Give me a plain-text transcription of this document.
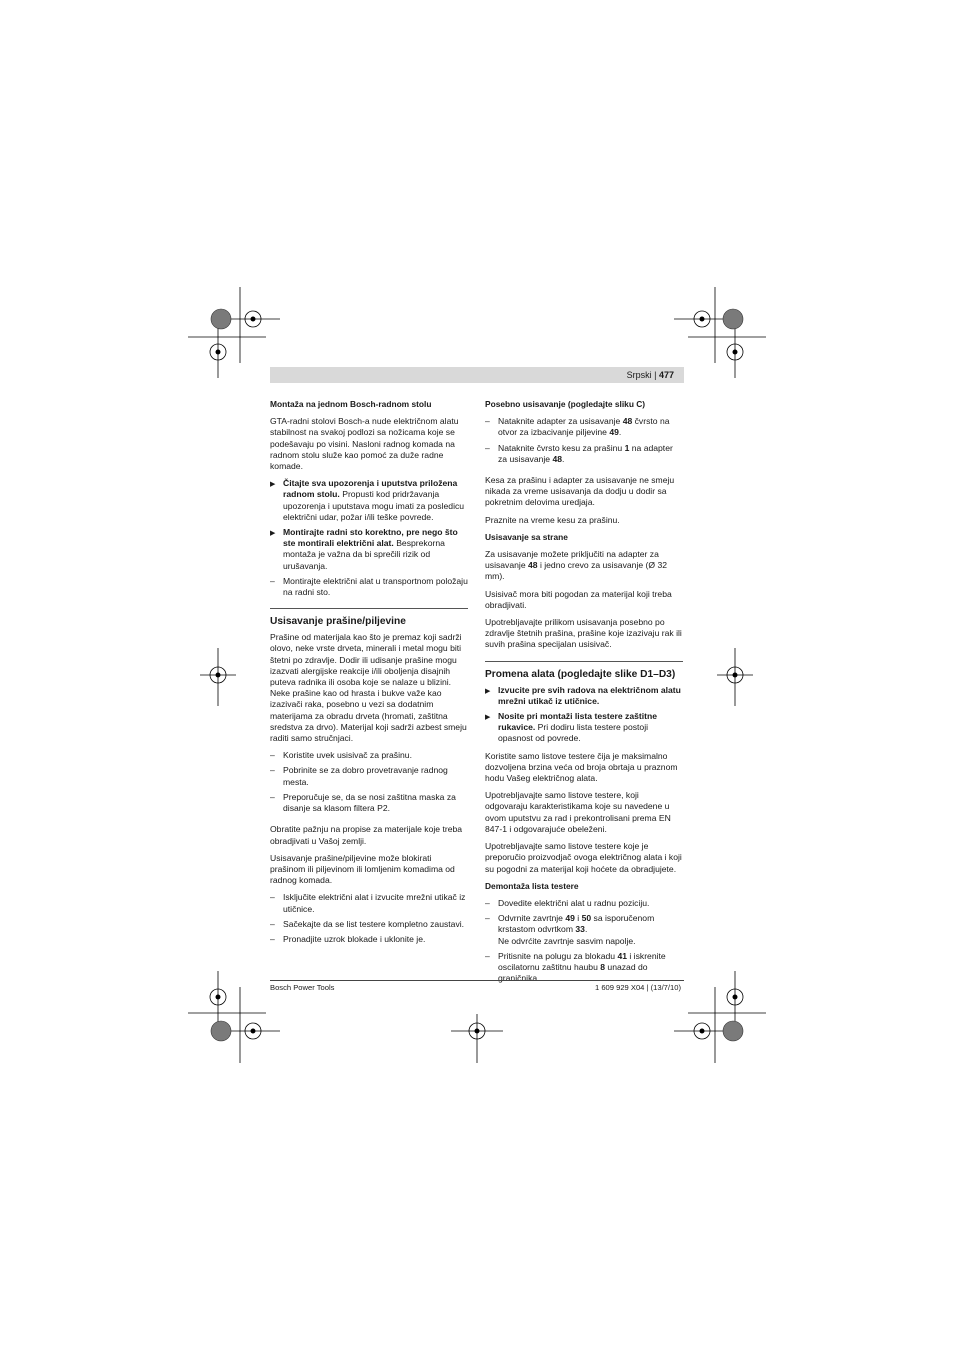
Srpski | 477
Montaža na jednom Bosch-radnom stolu

GTA-radni stolovi Bosch-a nude električnom alatu stabilnost na svakoj podlozi sa nožicama koje se podešavaju po visini. Nasloni radnog komada na radnom stolu služe kao pomoć za duže radne komade.

▶ Čitajte sva upozorenja i uputstva priložena radnom stolu. Propusti kod pridržavanja upozorenja i uputstava mogu imati za posledicu električni udar, požar i/ili teške povrede.
▶ Montirajte radni sto korektno, pre nego što ste montirali električni alat. Besprekorna montaža je važna da bi sprečili rizik od urušavanja.
– Montirajte električni alat u transportnom položaju na radni sto.
Usisavanje prašine/piljevine

Prašine od materijala kao što je premaz koji sadrži olovo, neke vrste drveta, minerali i metal mogu biti štetni po zdravlje. Dodir ili udisanje prašine mogu izazvati alergijske reakcije i/ili oboljenja disajnih puteva radnika ili osoba koje se nalaze u blizini.

Neke prašine kao od hrasta i bukve važe kao izazivači raka, posebno u vezi sa dodatnim materijama za obradu drveta (hromati, zaštitna sredstva za drvo). Materijal koji sadrži azbest smeju raditi samo stručnjaci.

– Koristite uvek usisivač za prašinu.
– Pobrinite se za dobro provetravanje radnog mesta.
– Preporučuje se, da se nosi zaštitna maska za disanje sa klasom filtera P2.

Obratite pažnju na propise za materijale koje treba obradjivati u Vašoj zemlji.

Usisavanje prašine/piljevine može blokirati prašinom ili piljevinom ili lomljenim komadima od radnog komada.

– Isključite električni alat i izvucite mrežni utikač iz utičnice.
– Sačekajte da se list testere kompletno zaustavi.
– Pronadjite uzrok blokade i uklonite je.
Posebno usisavanje (pogledajte sliku C)
– Nataknite adapter za usisavanje 48 čvrsto na otvor za izbacivanje piljevine 49.
– Nataknite čvrsto kesu za prašinu 1 na adapter za usisavanje 48.

Kesa za prašinu i adapter za usisavanje ne smeju nikada za vreme usisavanja da dodju u dodir sa pokretnim delovima uredjaja.

Praznite na vreme kesu za prašinu.

Usisavanje sa strane

Za usisavanje možete priključiti na adapter za usisavanje 48 i jedno crevo za usisavanje (Ø 32 mm).

Usisivač mora biti pogodan za materijal koji treba obradjivati.

Upotrebljavajte prilikom usisavanja posebno po zdravlje štetnih prašina, prašine koje izazivaju rak ili suvih prašina specijalan usisivač.

Promena alata (pogledajte slike D1–D3)
▶ Izvucite pre svih radova na električnom alatu mrežni utikač iz utičnice.
▶ Nosite pri montaži lista testere zaštitne rukavice. Pri dodiru lista testere postoji opasnost od povrede.

Koristite samo listove testere čija je maksimalno dozvoljena brzina veća od broja obrtaja u praznom hodu Vašeg električnog alata.

Upotrebljavajte samo listove testere, koji odgovaraju karakteristikama koje su navedene u ovom uputstvu za rad i prekontrolisani prema EN 847-1 i odgovarajuće obeleženi.

Upotrebljavajte samo listove testere koje je preporučio proizvodjač ovoga električnog alata i koji su pogodni za materijal koji hoćete da obradjujete.

Demontaža lista testere
– Dovedite električni alat u radnu poziciju.
– Odvrnite zavrtnje 49 i 50 sa isporučenom krstastom odvrtkom 33.
Ne odvrćite zavrtnje sasvim napolje.
– Pritisnite na polugu za blokadu 41 i iskrenite oscilatornu zaštitnu haubu 8 unazad do graničnika.
Bosch Power Tools	1 609 929 X04 | (13/7/10)
